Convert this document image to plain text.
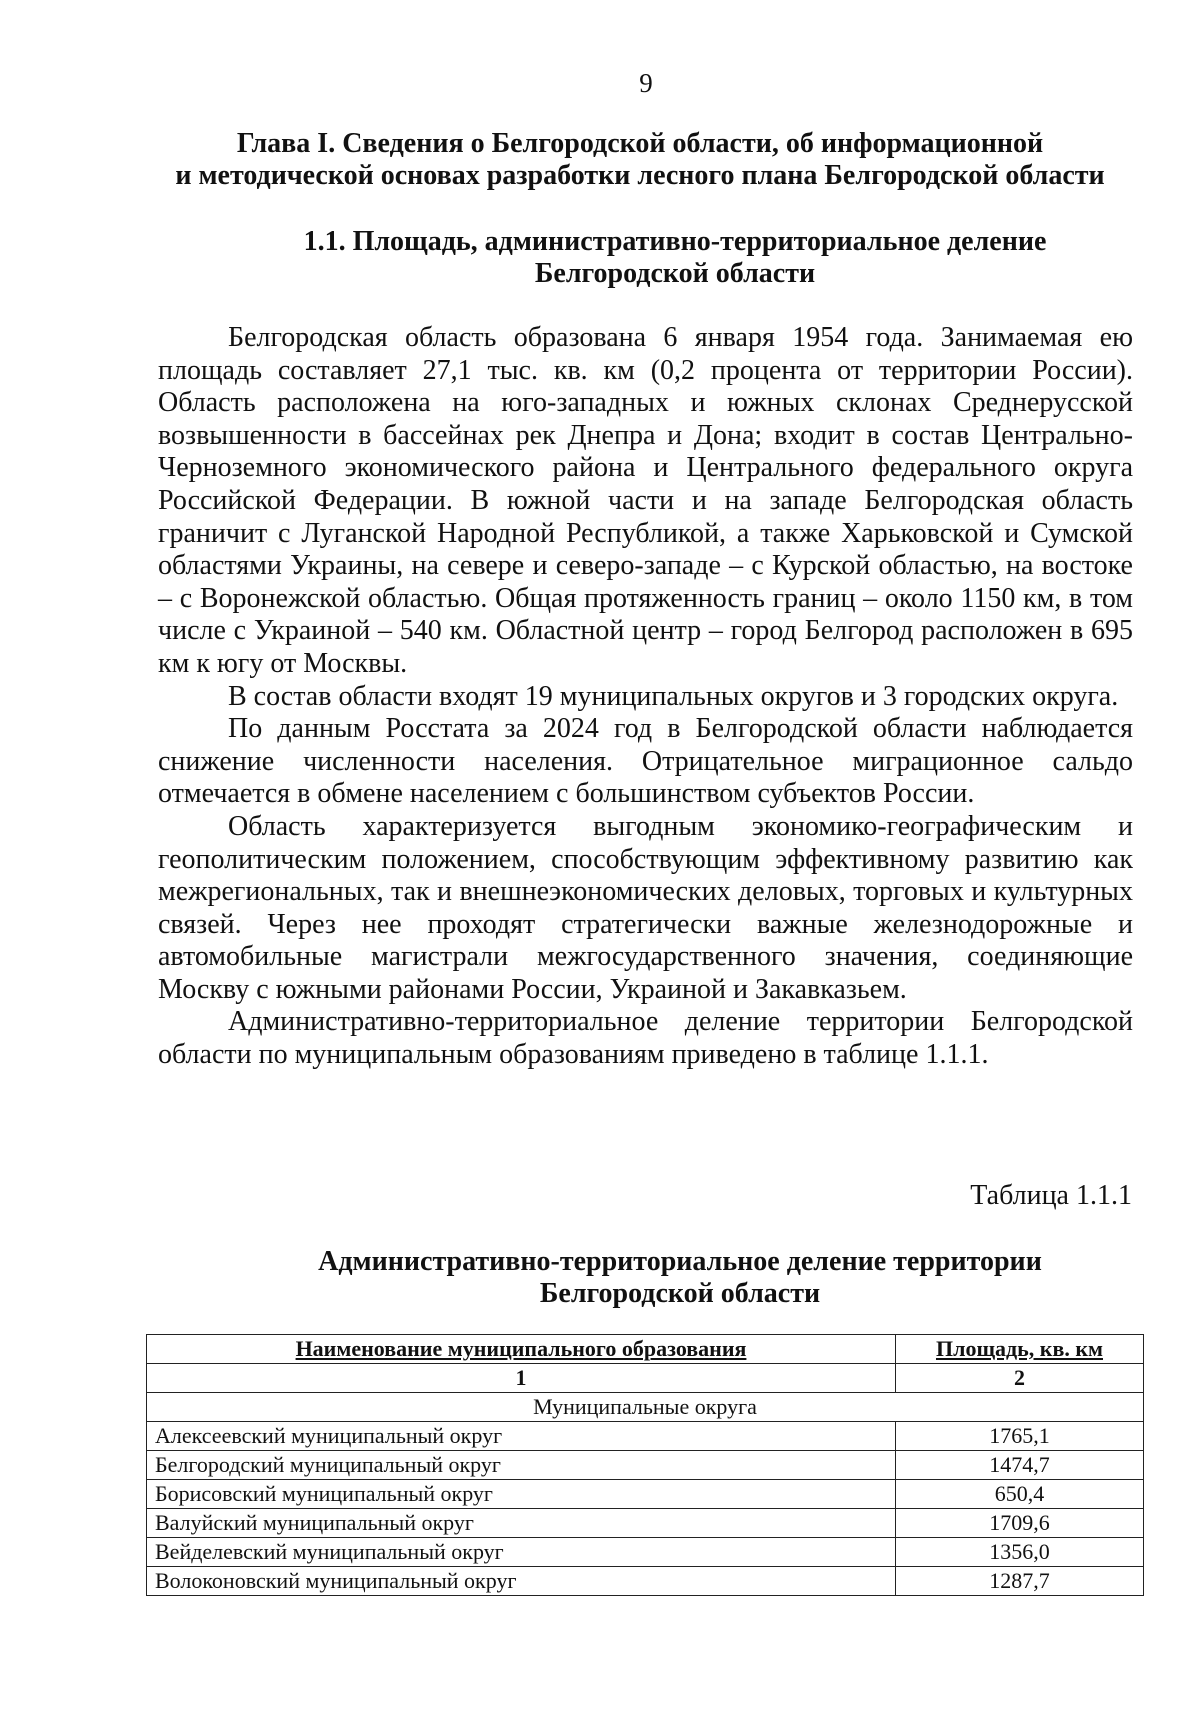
9
Глава I. Сведения о Белгородской области, об информационной
и методической основах разработки лесного плана Белгородской области
1.1. Площадь, административно-территориальное деление
Белгородской области

Белгородская область образована 6 января 1954 года. Занимаемая ею площадь составляет 27,1 тыс. кв. км (0,2 процента от территории России). Область расположена на юго-западных и южных склонах Среднерусской возвышенности в бассейнах рек Днепра и Дона; входит в состав Центрально-Черноземного экономического района и Центрального федерального округа Российской Федерации. В южной части и на западе Белгородская область граничит с Луганской Народной Республикой, а также Харьковской и Сумской областями Украины, на севере и северо-западе – с Курской областью, на востоке – с Воронежской областью. Общая протяженность границ – около 1150 км, в том числе с Украиной – 540 км. Областной центр – город Белгород расположен в 695 км к югу от Москвы.

В состав области входят 19 муниципальных округов и 3 городских округа.

По данным Росстата за 2024 год в Белгородской области наблюдается снижение численности населения. Отрицательное миграционное сальдо отмечается в обмене населением с большинством субъектов России.

Область характеризуется выгодным экономико-географическим и геополитическим положением, способствующим эффективному развитию как межрегиональных, так и внешнеэкономических деловых, торговых и культурных связей. Через нее проходят стратегически важные железнодорожные и автомобильные магистрали межгосударственного значения, соединяющие Москву с южными районами России, Украиной и Закавказьем.

Административно-территориальное деление территории Белгородской области по муниципальным образованиям приведено в таблице 1.1.1.

Таблица 1.1.1
Административно-территориальное деление территории
Белгородской области
Наименование муниципального образования	Площадь, кв. км
1	2
Муниципальные округа	
Алексеевский муниципальный округ	1765,1
Белгородский муниципальный округ	1474,7
Борисовский муниципальный округ	650,4
Валуйский муниципальный округ	1709,6
Вейделевский муниципальный округ	1356,0
Волоконовский муниципальный округ	1287,7
